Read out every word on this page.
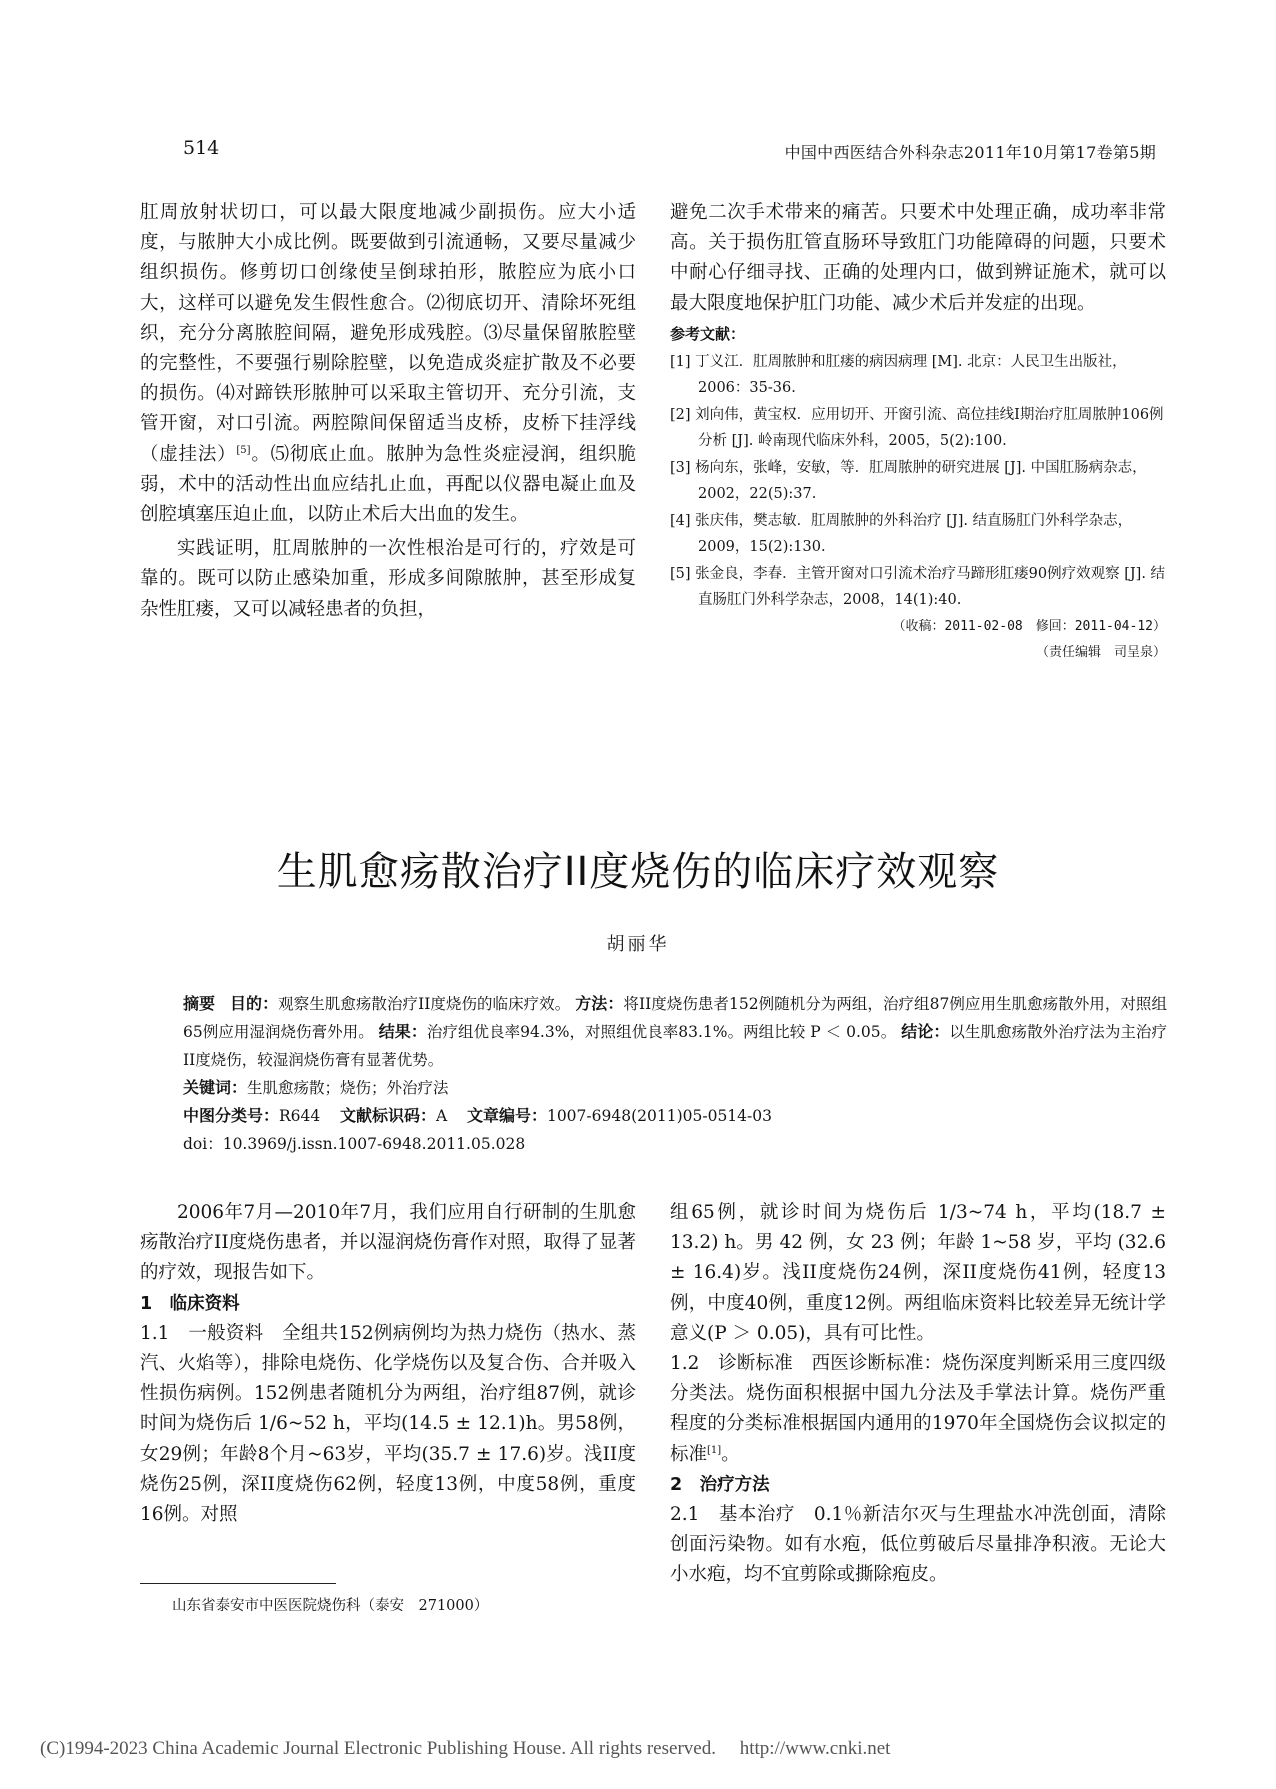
514	中国中西医结合外科杂志2011年10月第17卷第5期

肛周放射状切口，可以最大限度地减少副损伤。应大小适度，与脓肿大小成比例。既要做到引流通畅，又要尽量减少组织损伤。修剪切口创缘使呈倒球拍形，脓腔应为底小口大，这样可以避免发生假性愈合。⑵彻底切开、清除坏死组织，充分分离脓腔间隔，避免形成残腔。⑶尽量保留脓腔壁的完整性，不要强行剔除腔壁，以免造成炎症扩散及不必要的损伤。⑷对蹄铁形脓肿可以采取主管切开、充分引流，支管开窗，对口引流。两腔隙间保留适当皮桥，皮桥下挂浮线（虚挂法）[5]。⑸彻底止血。脓肿为急性炎症浸润，组织脆弱，术中的活动性出血应结扎止血，再配以仪器电凝止血及创腔填塞压迫止血，以防止术后大出血的发生。

实践证明，肛周脓肿的一次性根治是可行的，疗效是可靠的。既可以防止感染加重，形成多间隙脓肿，甚至形成复杂性肛瘘，又可以减轻患者的负担，

避免二次手术带来的痛苦。只要术中处理正确，成功率非常高。关于损伤肛管直肠环导致肛门功能障碍的问题，只要术中耐心仔细寻找、正确的处理内口，做到辨证施术，就可以最大限度地保护肛门功能、减少术后并发症的出现。

参考文献：
[1] 丁义江．肛周脓肿和肛瘘的病因病理 [M]. 北京：人民卫生出版社，2006：35-36.
[2] 刘向伟，黄宝权．应用切开、开窗引流、高位挂线Ⅰ期治疗肛周脓肿106例分析 [J]. 岭南现代临床外科，2005，5(2):100.
[3] 杨向东，张峰，安敏，等．肛周脓肿的研究进展 [J]. 中国肛肠病杂志，2002，22(5):37.
[4] 张庆伟，樊志敏．肛周脓肿的外科治疗 [J]. 结直肠肛门外科学杂志，2009，15(2):130.
[5] 张金良，李春．主管开窗对口引流术治疗马蹄形肛瘘90例疗效观察 [J]. 结直肠肛门外科学杂志，2008，14(1):40.
（收稿：2011-02-08　修回：2011-04-12）
（责任编辑　司呈泉）
生肌愈疡散治疗II度烧伤的临床疗效观察
胡丽华

摘要 目的：观察生肌愈疡散治疗II度烧伤的临床疗效。 方法：将II度烧伤患者152例随机分为两组，治疗组87例应用生肌愈疡散外用，对照组65例应用湿润烧伤膏外用。 结果：治疗组优良率94.3%，对照组优良率83.1%。两组比较 P ＜ 0.05。 结论：以生肌愈疡散外治疗法为主治疗II度烧伤，较湿润烧伤膏有显著优势。

关键词：生肌愈疡散；烧伤；外治疗法

中图分类号：R644 文献标识码：A 文章编号：1007-6948(2011)05-0514-03

doi：10.3969/j.issn.1007-6948.2011.05.028

2006年7月—2010年7月，我们应用自行研制的生肌愈疡散治疗II度烧伤患者，并以湿润烧伤膏作对照，取得了显著的疗效，现报告如下。

1　临床资料

1.1　一般资料　全组共152例病例均为热力烧伤（热水、蒸汽、火焰等），排除电烧伤、化学烧伤以及复合伤、合并吸入性损伤病例。152例患者随机分为两组，治疗组87例，就诊时间为烧伤后 1/6~52 h，平均(14.5 ± 12.1)h。男58例，女29例；年龄8个月~63岁，平均(35.7 ± 17.6)岁。浅II度烧伤25例，深II度烧伤62例，轻度13例，中度58例，重度16例。对照

组65例，就诊时间为烧伤后 1/3~74 h，平均(18.7 ± 13.2) h。男 42 例，女 23 例；年龄 1~58 岁，平均 (32.6 ± 16.4)岁。浅II度烧伤24例，深II度烧伤41例，轻度13例，中度40例，重度12例。两组临床资料比较差异无统计学意义(P ＞ 0.05)，具有可比性。

1.2　诊断标准　西医诊断标准：烧伤深度判断采用三度四级分类法。烧伤面积根据中国九分法及手掌法计算。烧伤严重程度的分类标准根据国内通用的1970年全国烧伤会议拟定的标准[1]。

2　治疗方法

2.1　基本治疗　0.1％新洁尔灭与生理盐水冲洗创面，清除创面污染物。如有水疱，低位剪破后尽量排净积液。无论大小水疱，均不宜剪除或撕除疱皮。

山东省泰安市中医医院烧伤科（泰安　271000）
(C)1994-2023 China Academic Journal Electronic Publishing House. All rights reserved.　 http://www.cnki.net
